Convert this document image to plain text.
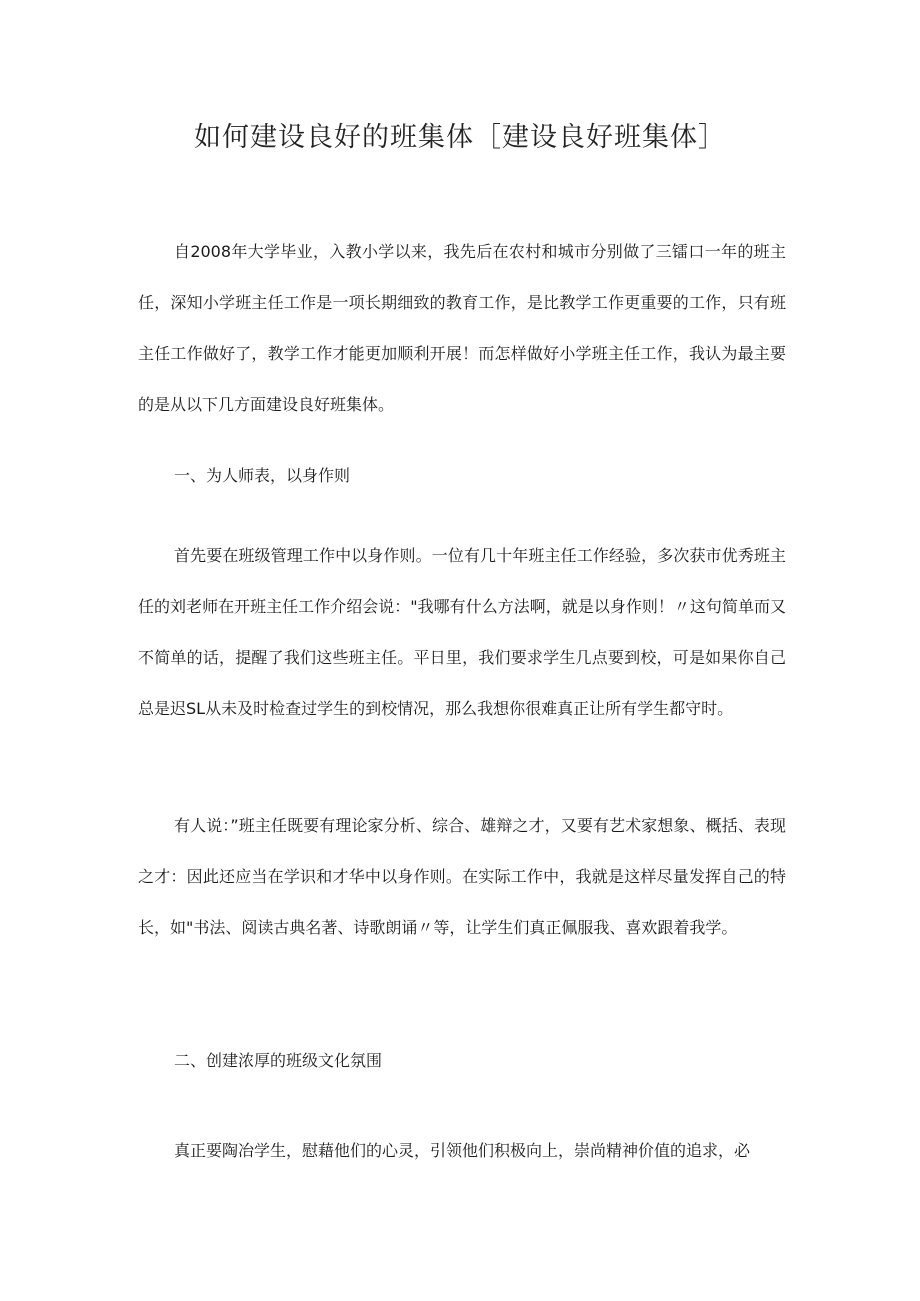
如何建设良好的班集体［建设良好班集体］

自2008年大学毕业，入教小学以来，我先后在农村和城市分别做了三镭口一年的班主任，深知小学班主任工作是一项长期细致的教育工作，是比教学工作更重要的工作，只有班主任工作做好了，教学工作才能更加顺利开展！而怎样做好小学班主任工作，我认为最主要的是从以下几方面建设良好班集体。

一、为人师表，以身作则

首先要在班级管理工作中以身作则。一位有几十年班主任工作经验，多次获市优秀班主任的刘老师在开班主任工作介绍会说："我哪有什么方法啊，就是以身作则！〃这句简单而又不简单的话，提醒了我们这些班主任。平日里，我们要求学生几点要到校，可是如果你自己总是迟SL从未及时检查过学生的到校情况，那么我想你很难真正让所有学生都守时。

有人说：”班主任既要有理论家分析、综合、雄辩之才，又要有艺术家想象、概括、表现之才：因此还应当在学识和才华中以身作则。在实际工作中，我就是这样尽量发挥自己的特长，如"书法、阅读古典名著、诗歌朗诵〃等，让学生们真正佩服我、喜欢跟着我学。

二、创建浓厚的班级文化氛围

真正要陶冶学生，慰藉他们的心灵，引领他们积极向上，崇尚精神价值的追求，必
